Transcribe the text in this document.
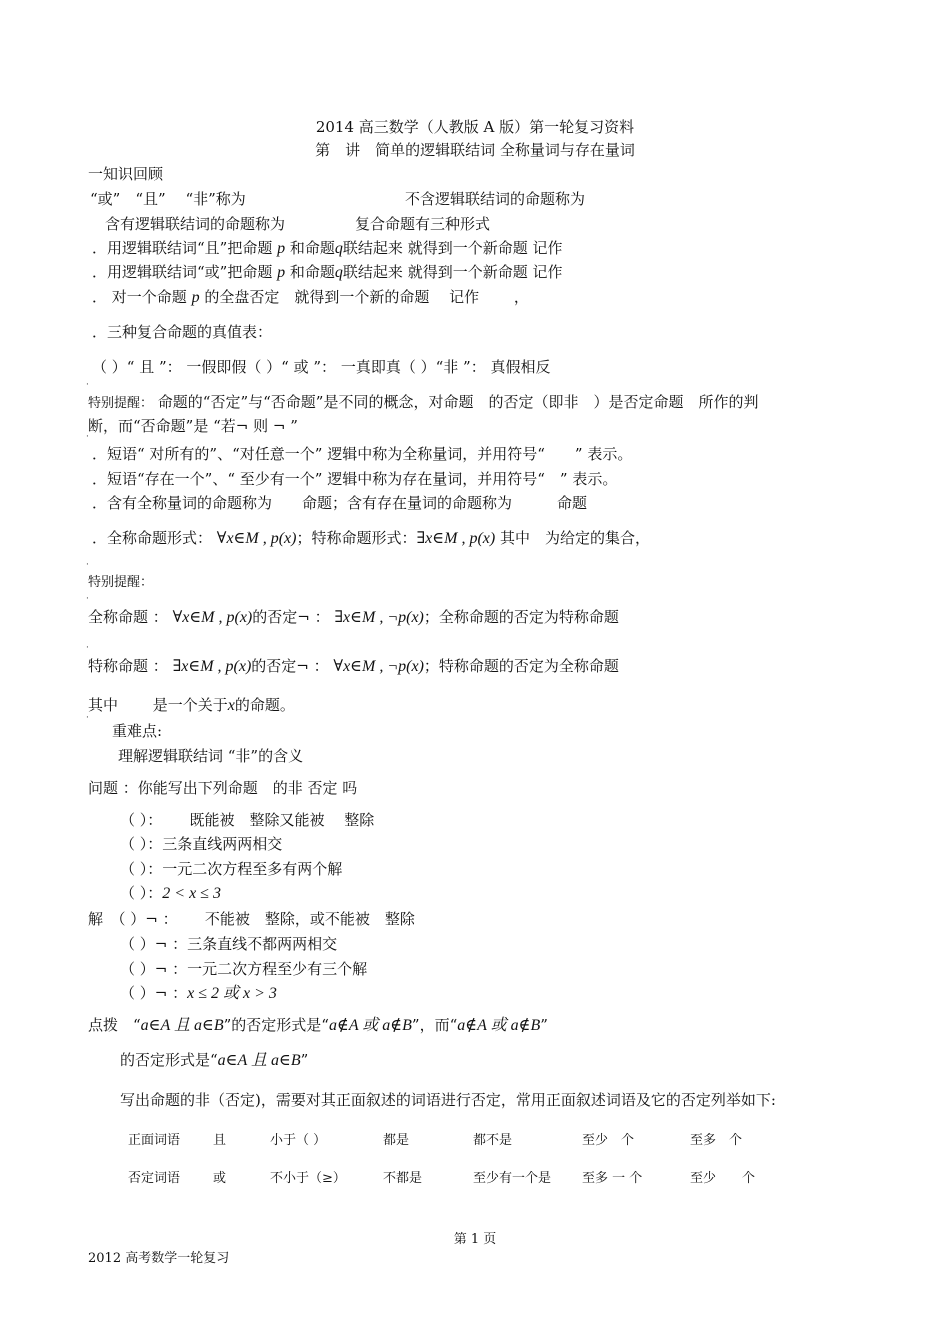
2014 高三数学（人教版 A 版）第一轮复习资料
第　讲　简单的逻辑联结词 全称量词与存在量词
一知识回顾
“或”　“且”　 “非”称为	不含逻辑联结词的命题称为
含有逻辑联结词的命题称为	复合命题有三种形式
．用逻辑联结词“且”把命题 p 和命题q联结起来 就得到一个新命题 记作
．用逻辑联结词“或”把命题 p 和命题q联结起来 就得到一个新命题 记作
． 对一个命题 p 的全盘否定　就得到一个新的命题　 记作　　 ，
．三种复合命题的真值表：
（ ）“ 且 ”： 一假即假（ ）“ 或 ”： 一真即真（ ）“非 ”： 真假相反
特别提醒： 命题的“否定”与“否命题”是不同的概念，对命题　的否定（即非　）是否定命题　所作的判
断，而“否命题”是 “若¬ 则 ¬ ”
．短语“ 对所有的”、“对任意一个” 逻辑中称为全称量词，并用符号“　　” 表示。
．短语“存在一个”、“ 至少有一个” 逻辑中称为存在量词，并用符号“　” 表示。
．含有全称量词的命题称为　　命题；含有存在量词的命题称为　　　命题
．全称命题形式： ∀x∈M , p(x)；特称命题形式：∃x∈M , p(x) 其中　为给定的集合，
特别提醒：
全称命题 ： ∀x∈M , p(x)的否定¬ ： ∃x∈M , ¬p(x)；全称命题的否定为特称命题
特称命题 ： ∃x∈M , p(x)的否定¬ ： ∀x∈M , ¬p(x)；特称命题的否定为全称命题
其中　　 是一个关于x的命题。
重难点:
理解逻辑联结词 “非”的含义
问题 ：你能写出下列命题　的非 否定 吗
（ ）：　　 既能被　整除又能被　 整除
（ ）：三条直线两两相交
（ ）：一元二次方程至多有两个解
（ ）：2 < x ≤ 3
解　（ ）¬ ：　　 不能被　整除，或不能被　整除
（ ）¬ ：三条直线不都两两相交
（ ）¬ ：一元二次方程至少有三个解
（ ）¬ ：x ≤ 2 或 x > 3
点拨　“a∈A 且 a∈B”的否定形式是“a∉A 或 a∉B”，而“a∉A 或 a∉B”
的否定形式是“a∈A 且 a∈B”
写出命题的非（否定)，需要对其正面叙述的词语进行否定，常用正面叙述词语及它的否定列举如下:
正面词语	且	小于（ ）	都是	都不是	至少　个	至多　个
否定词语	或	不小于（≥）	不都是	至少有一个是 至多 一 个	至少　　个
第 1 页
2012 高考数学一轮复习
·
·
·
·
·
·
